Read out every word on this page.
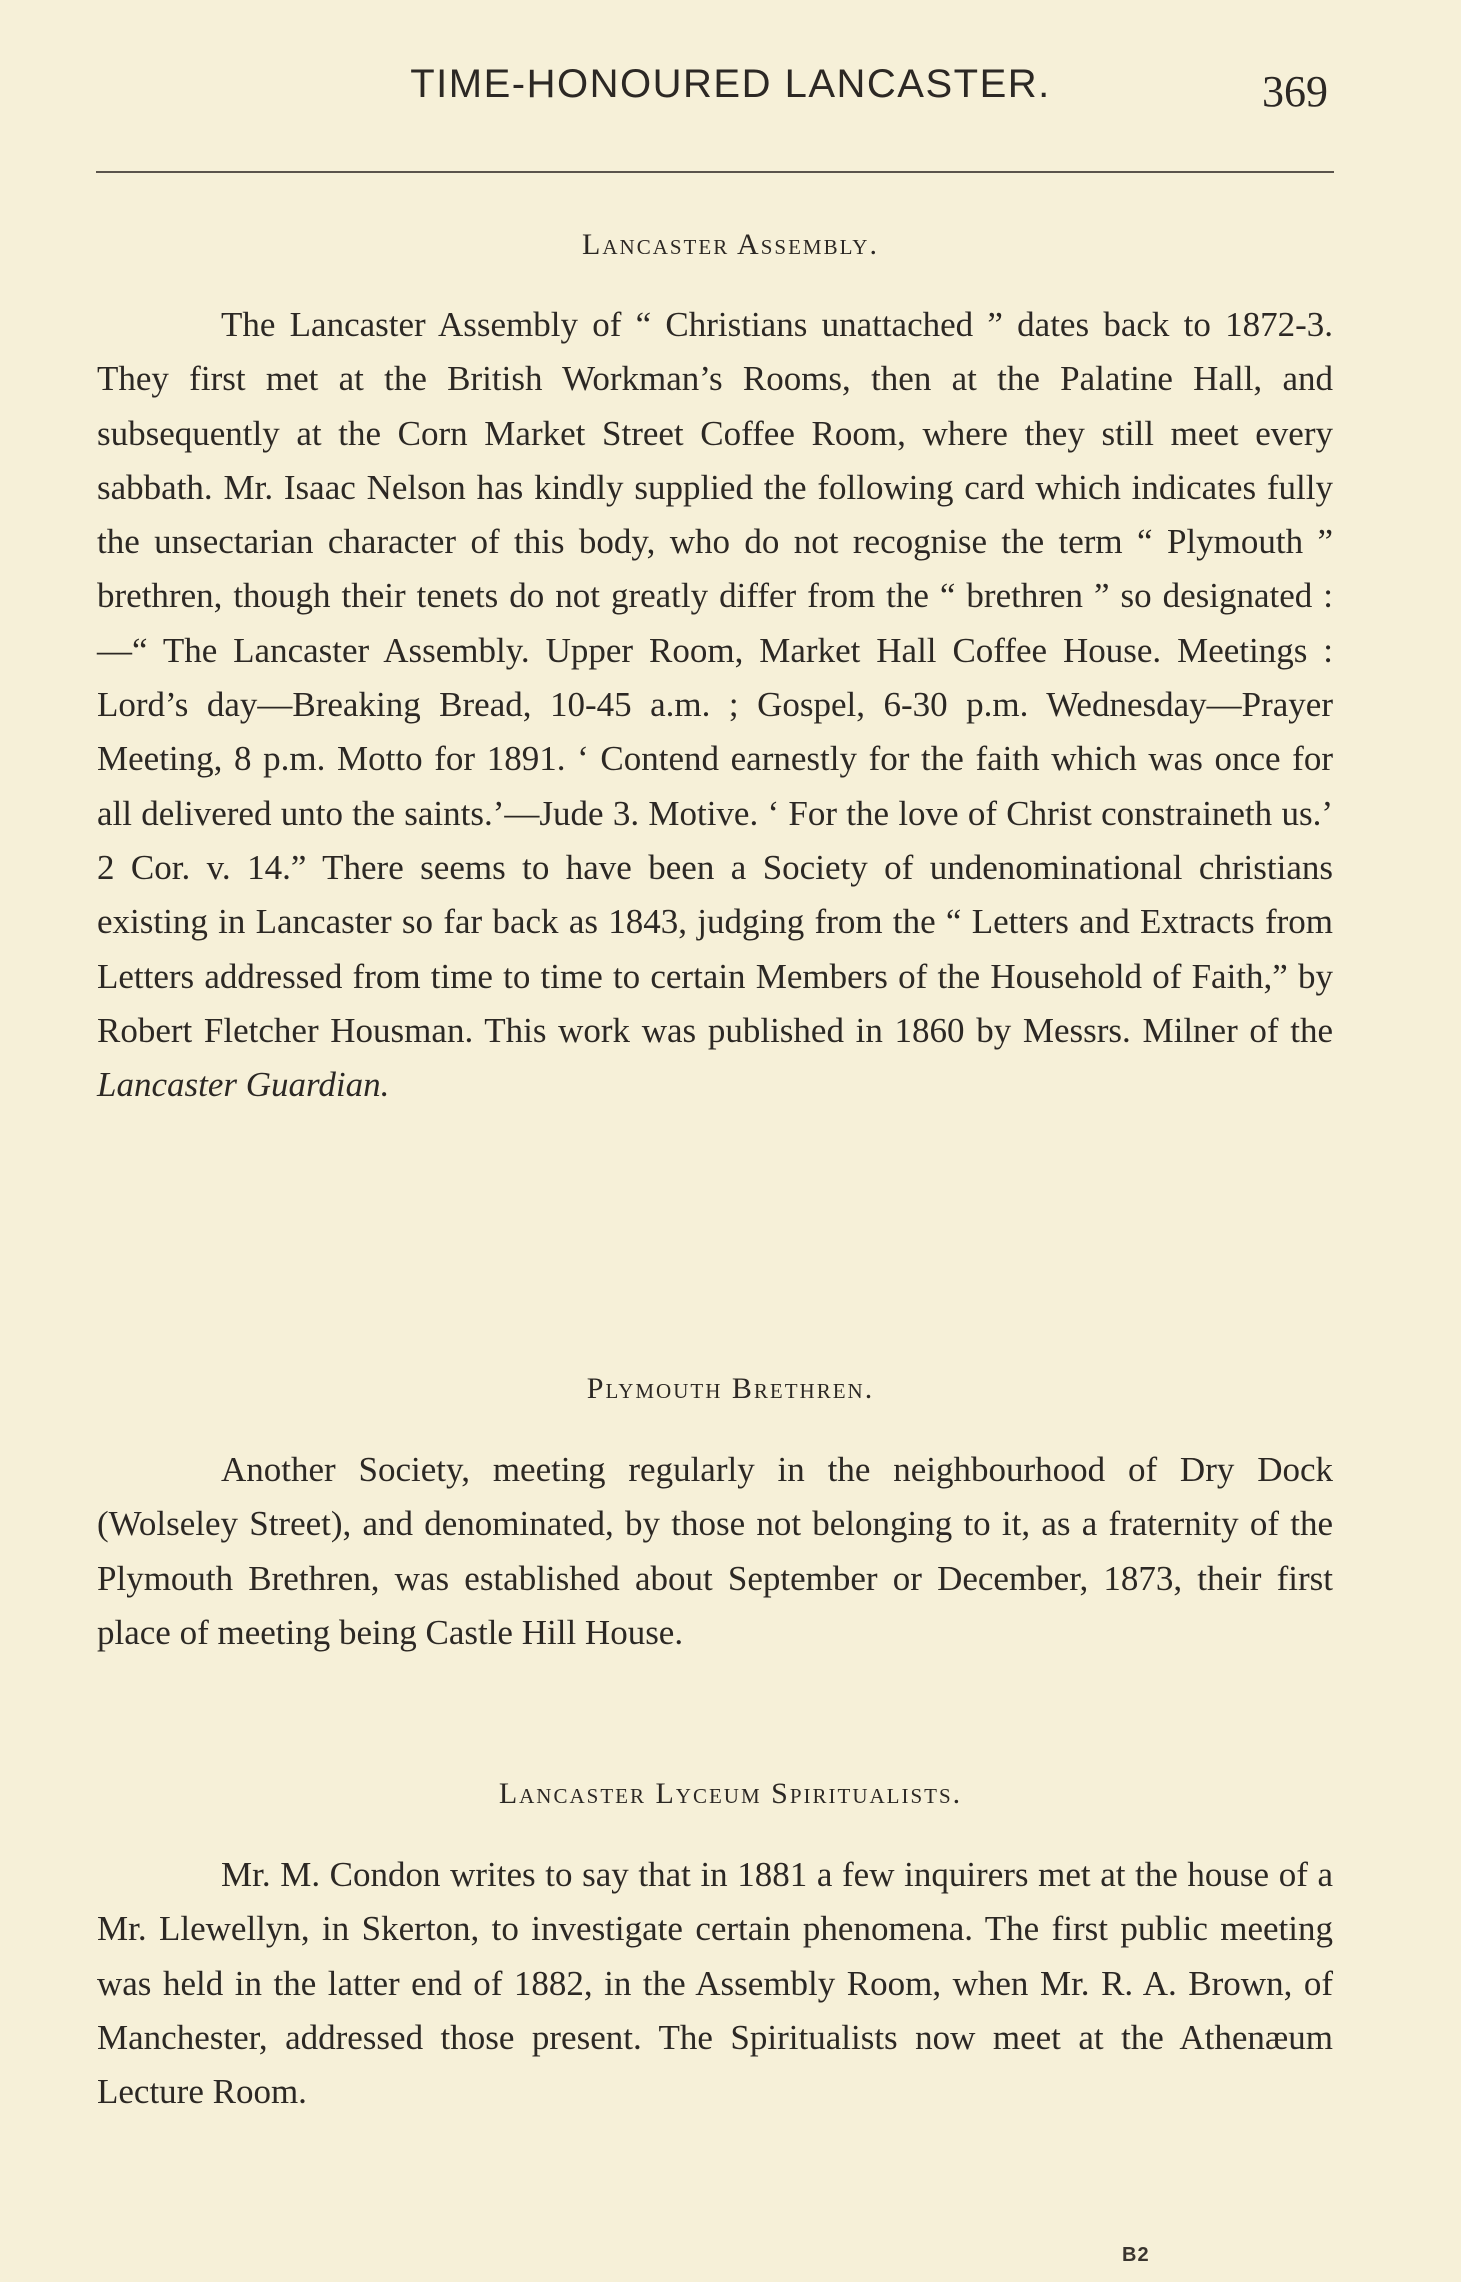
TIME-HONOURED LANCASTER.	369
Lancaster Assembly.

The Lancaster Assembly of “ Christians unattached ” dates back to 1872-3. They first met at the British Workman’s Rooms, then at the Palatine Hall, and subsequently at the Corn Market Street Coffee Room, where they still meet every sabbath. Mr. Isaac Nelson has kindly supplied the following card which indicates fully the unsectarian character of this body, who do not recognise the term “ Plymouth ” brethren, though their tenets do not greatly differ from the “ brethren ” so designated :—“ The Lancaster Assembly. Upper Room, Market Hall Coffee House. Meetings : Lord’s day—Breaking Bread, 10-45 a.m. ; Gospel, 6-30 p.m. Wednesday—Prayer Meeting, 8 p.m. Motto for 1891. ‘ Contend earnestly for the faith which was once for all delivered unto the saints.’—Jude 3. Motive. ‘ For the love of Christ constraineth us.’ 2 Cor. v. 14.” There seems to have been a Society of undenominational christians existing in Lancaster so far back as 1843, judging from the “ Letters and Extracts from Letters addressed from time to time to certain Members of the Household of Faith,” by Robert Fletcher Housman. This work was published in 1860 by Messrs. Milner of the Lancaster Guardian.

Plymouth Brethren.

Another Society, meeting regularly in the neighbourhood of Dry Dock (Wolseley Street), and denominated, by those not belonging to it, as a fraternity of the Plymouth Brethren, was established about September or December, 1873, their first place of meeting being Castle Hill House.

Lancaster Lyceum Spiritualists.

Mr. M. Condon writes to say that in 1881 a few inquirers met at the house of a Mr. Llewellyn, in Skerton, to investigate certain phenomena. The first public meeting was held in the latter end of 1882, in the Assembly Room, when Mr. R. A. Brown, of Manchester, addressed those present. The Spiritualists now meet at the Athenæum Lecture Room.

B2
